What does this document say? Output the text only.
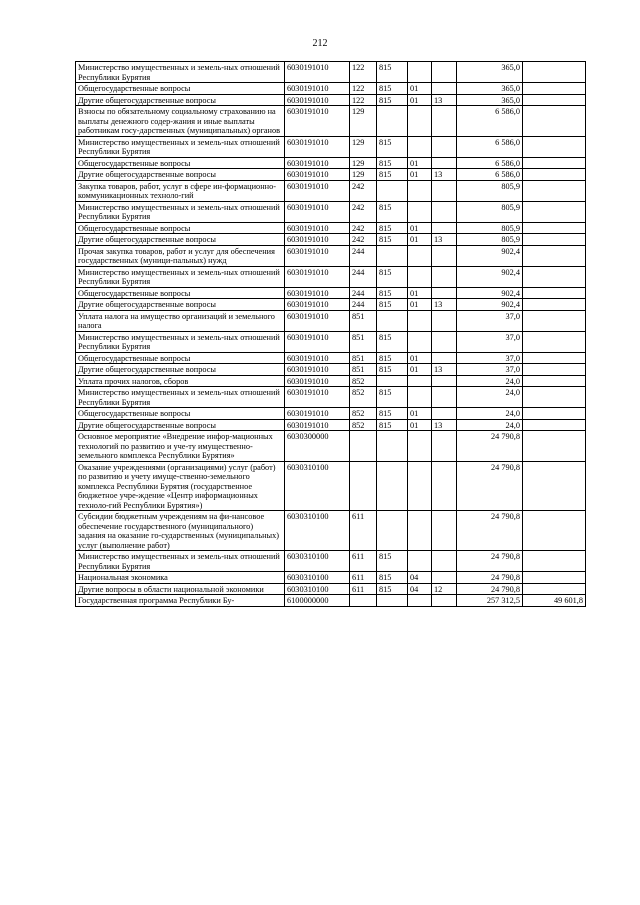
212
Министерство имущественных и земель-ных отношений Республики Бурятия	6030191010	122	815			365,0	
Общегосударственные вопросы	6030191010	122	815	01		365,0	
Другие общегосударственные вопросы	6030191010	122	815	01	13	365,0	
Взносы по обязательному социальному страхованию на выплаты денежного содер-жания и иные выплаты работникам госу-дарственных (муниципальных) органов	6030191010	129				6 586,0	
Министерство имущественных и земель-ных отношений Республики Бурятия	6030191010	129	815			6 586,0	
Общегосударственные вопросы	6030191010	129	815	01		6 586,0	
Другие общегосударственные вопросы	6030191010	129	815	01	13	6 586,0	
Закупка товаров, работ, услуг в сфере ин-формационно-коммуникационных техноло-гий	6030191010	242				805,9	
Министерство имущественных и земель-ных отношений Республики Бурятия	6030191010	242	815			805,9	
Общегосударственные вопросы	6030191010	242	815	01		805,9	
Другие общегосударственные вопросы	6030191010	242	815	01	13	805,9	
Прочая закупка товаров, работ и услуг для обеспечения государственных (муници-пальных) нужд	6030191010	244				902,4	
Министерство имущественных и земель-ных отношений Республики Бурятия	6030191010	244	815			902,4	
Общегосударственные вопросы	6030191010	244	815	01		902,4	
Другие общегосударственные вопросы	6030191010	244	815	01	13	902,4	
Уплата налога на имущество организаций и земельного налога	6030191010	851				37,0	
Министерство имущественных и земель-ных отношений Республики Бурятия	6030191010	851	815			37,0	
Общегосударственные вопросы	6030191010	851	815	01		37,0	
Другие общегосударственные вопросы	6030191010	851	815	01	13	37,0	
Уплата прочих налогов, сборов	6030191010	852				24,0	
Министерство имущественных и земель-ных отношений Республики Бурятия	6030191010	852	815			24,0	
Общегосударственные вопросы	6030191010	852	815	01		24,0	
Другие общегосударственные вопросы	6030191010	852	815	01	13	24,0	
Основное мероприятие «Внедрение инфор-мационных технологий по развитию и уче-ту имущественно-земельного комплекса Республики Бурятия»	6030300000					24 790,8	
Оказание учреждениями (организациями) услуг (работ) по развитию и учету имуще-ственно-земельного комплекса Республики Бурятия (государственное бюджетное учре-ждение «Центр информационных техноло-гий Республики Бурятия»)	6030310100					24 790,8	
Субсидии бюджетным учреждениям на фи-нансовое обеспечение государственного (муниципального) задания на оказание го-сударственных (муниципальных) услуг (выполнение работ)	6030310100	611				24 790,8	
Министерство имущественных и земель-ных отношений Республики Бурятия	6030310100	611	815			24 790,8	
Национальная экономика	6030310100	611	815	04		24 790,8	
Другие вопросы в области национальной экономики	6030310100	611	815	04	12	24 790,8	
Государственная программа Республики Бу-	6100000000					257 312,5	49 601,8
